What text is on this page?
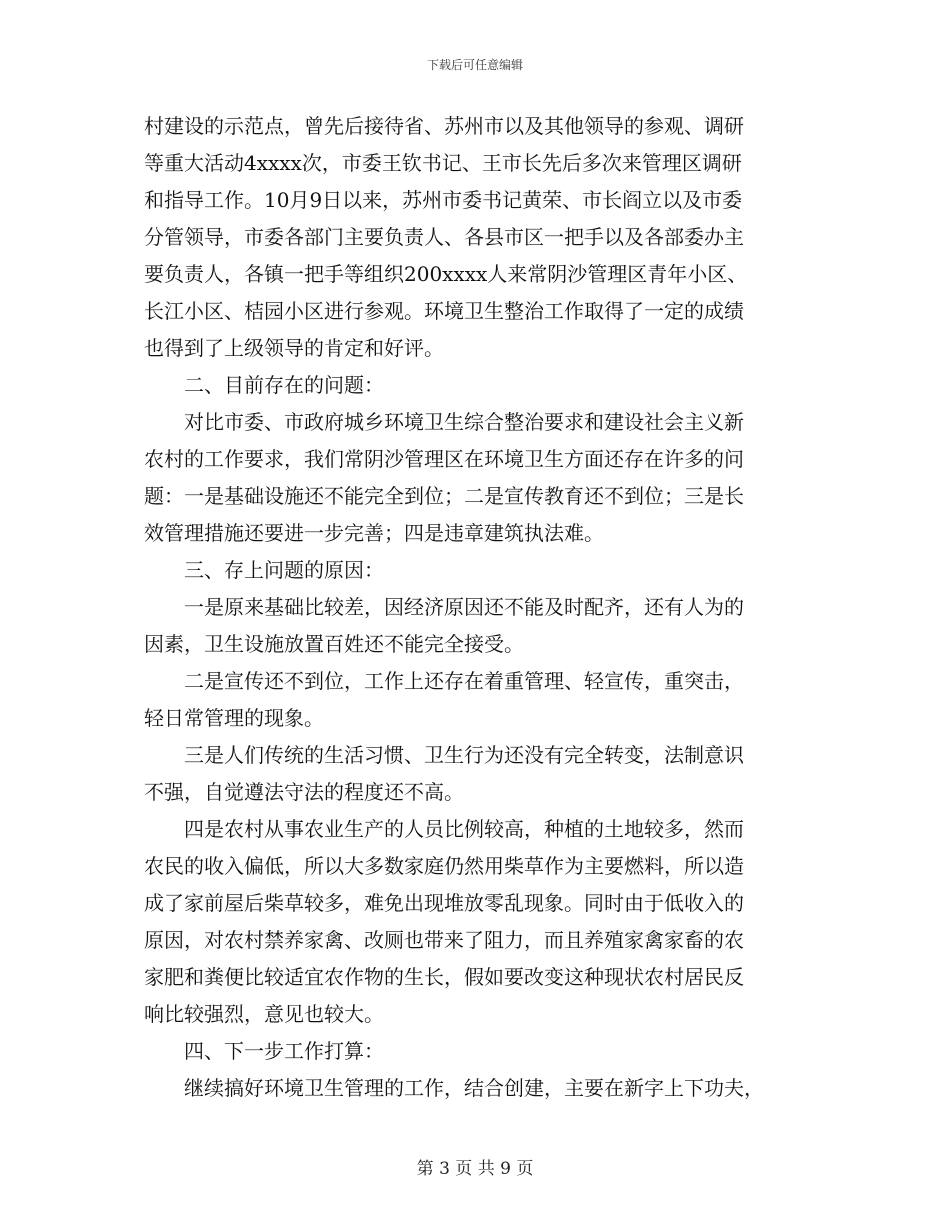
下载后可任意编辑

村建设的示范点，曾先后接待省、苏州市以及其他领导的参观、调研
等重大活动4xxxx次，市委王钦书记、王市长先后多次来管理区调研
和指导工作。10月9日以来，苏州市委书记黄荣、市长阎立以及市委
分管领导，市委各部门主要负责人、各县市区一把手以及各部委办主
要负责人，各镇一把手等组织200xxxx人来常阴沙管理区青年小区、
长江小区、桔园小区进行参观。环境卫生整治工作取得了一定的成绩
也得到了上级领导的肯定和好评。

二、目前存在的问题：

对比市委、市政府城乡环境卫生综合整治要求和建设社会主义新
农村的工作要求，我们常阴沙管理区在环境卫生方面还存在许多的问
题：一是基础设施还不能完全到位；二是宣传教育还不到位；三是长
效管理措施还要进一步完善；四是违章建筑执法难。

三、存上问题的原因：

一是原来基础比较差，因经济原因还不能及时配齐，还有人为的
因素，卫生设施放置百姓还不能完全接受。

二是宣传还不到位，工作上还存在着重管理、轻宣传，重突击，
轻日常管理的现象。

三是人们传统的生活习惯、卫生行为还没有完全转变，法制意识
不强，自觉遵法守法的程度还不高。

四是农村从事农业生产的人员比例较高，种植的土地较多，然而
农民的收入偏低，所以大多数家庭仍然用柴草作为主要燃料，所以造
成了家前屋后柴草较多，难免出现堆放零乱现象。同时由于低收入的
原因，对农村禁养家禽、改厕也带来了阻力，而且养殖家禽家畜的农
家肥和粪便比较适宜农作物的生长，假如要改变这种现状农村居民反
响比较强烈，意见也较大。

四、下一步工作打算：

继续搞好环境卫生管理的工作，结合创建，主要在新字上下功夫，

第 3 页 共 9 页
